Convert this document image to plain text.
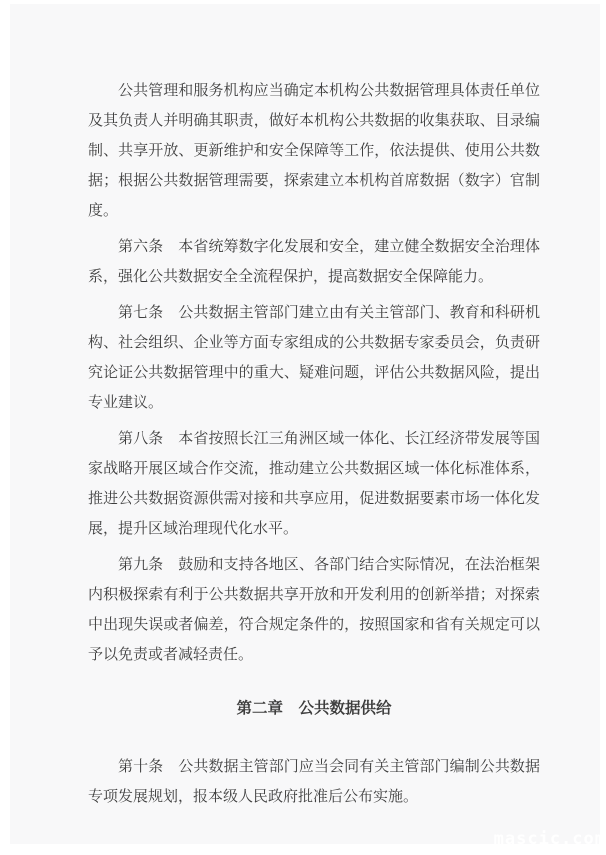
公共管理和服务机构应当确定本机构公共数据管理具体责任单位及其负责人并明确其职责，做好本机构公共数据的收集获取、目录编制、共享开放、更新维护和安全保障等工作，依法提供、使用公共数据；根据公共数据管理需要，探索建立本机构首席数据（数字）官制度。

第六条　本省统筹数字化发展和安全，建立健全数据安全治理体系，强化公共数据安全全流程保护，提高数据安全保障能力。

第七条　公共数据主管部门建立由有关主管部门、教育和科研机构、社会组织、企业等方面专家组成的公共数据专家委员会，负责研究论证公共数据管理中的重大、疑难问题，评估公共数据风险，提出专业建议。

第八条　本省按照长江三角洲区域一体化、长江经济带发展等国家战略开展区域合作交流，推动建立公共数据区域一体化标准体系，推进公共数据资源供需对接和共享应用，促进数据要素市场一体化发展，提升区域治理现代化水平。

第九条　鼓励和支持各地区、各部门结合实际情况，在法治框架内积极探索有利于公共数据共享开放和开发利用的创新举措；对探索中出现失误或者偏差，符合规定条件的，按照国家和省有关规定可以予以免责或者减轻责任。

第二章　公共数据供给

第十条　公共数据主管部门应当会同有关主管部门编制公共数据专项发展规划，报本级人民政府批准后公布实施。

mascic.com
